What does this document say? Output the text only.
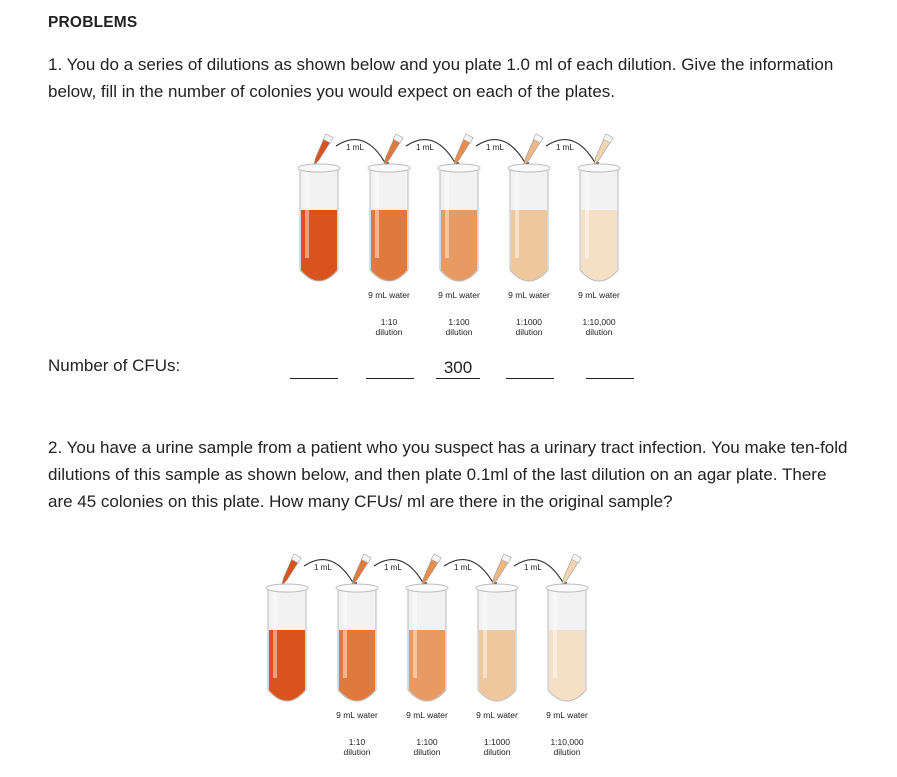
PROBLEMS
1. You do a series of dilutions as shown below and you plate 1.0 ml of each dilution. Give the information below, fill in the number of colonies you would expect on each of the plates.
1 mL	1 mL
9 mL water
1:10
dilution
1 mL
9 mL water
1:100
dilution
1 mL
9 mL water
1:1000
dilution
9 mL water
1:10,000
dilution
Number of CFUs:	300
2. You have a urine sample from a patient who you suspect has a urinary tract infection. You make ten-fold dilutions of this sample as shown below, and then plate 0.1ml of the last dilution on an agar plate. There are 45 colonies on this plate. How many CFUs/ ml are there in the original sample?
1 mL	1 mL
9 mL water
1:10
dilution
1 mL
9 mL water
1:100
dilution
1 mL
9 mL water
1:1000
dilution
9 mL water
1:10,000
dilution
